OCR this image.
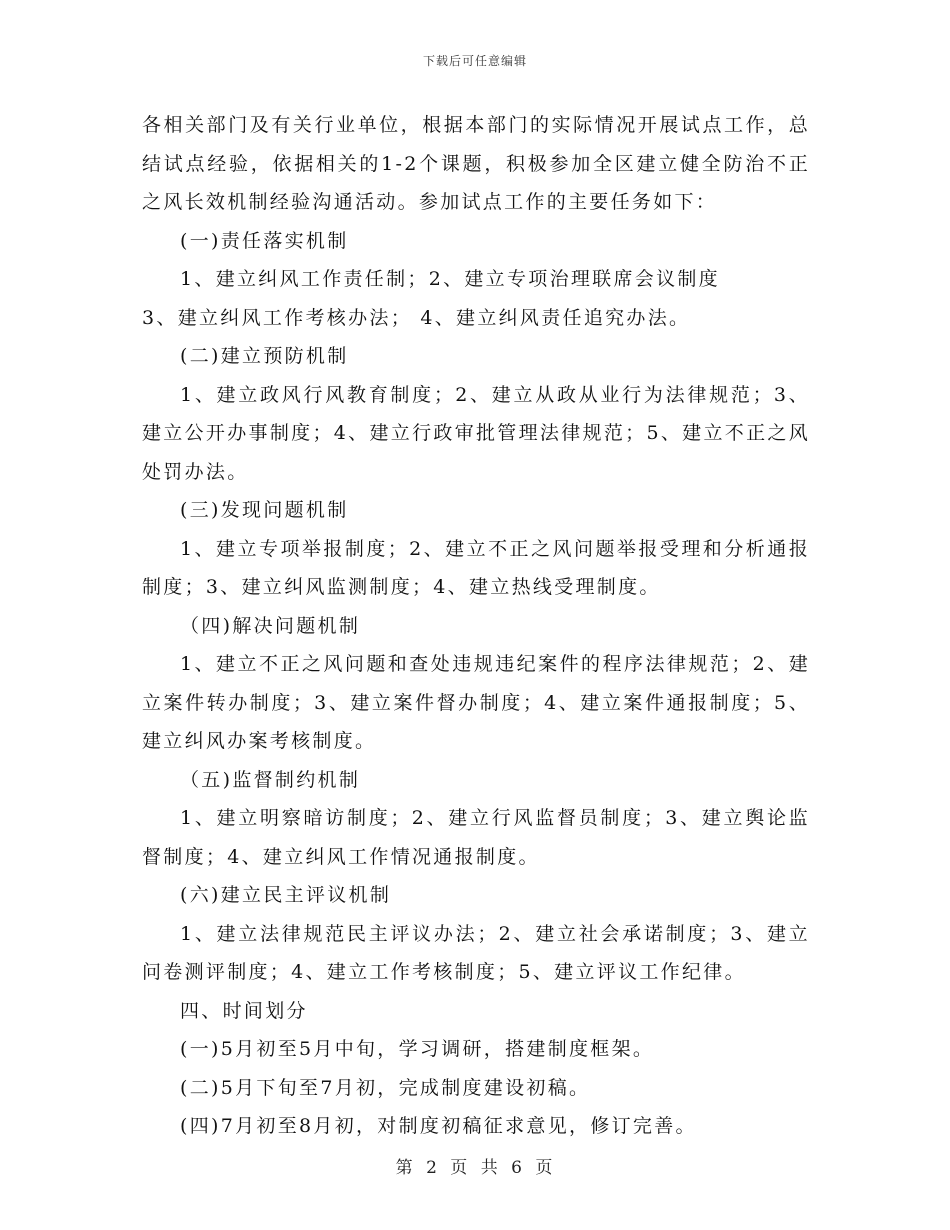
下载后可任意编辑

各相关部门及有关行业单位，根据本部门的实际情况开展试点工作，总结试点经验，依据相关的1-2个课题，积极参加全区建立健全防治不正之风长效机制经验沟通活动。参加试点工作的主要任务如下：

(一)责任落实机制

1、建立纠风工作责任制；2、建立专项治理联席会议制度

3、建立纠风工作考核办法； 4、建立纠风责任追究办法。

(二)建立预防机制

1、建立政风行风教育制度；2、建立从政从业行为法律规范；3、建立公开办事制度；4、建立行政审批管理法律规范；5、建立不正之风处罚办法。

(三)发现问题机制

1、建立专项举报制度；2、建立不正之风问题举报受理和分析通报制度；3、建立纠风监测制度；4、建立热线受理制度。

（四)解决问题机制

1、建立不正之风问题和查处违规违纪案件的程序法律规范；2、建立案件转办制度；3、建立案件督办制度；4、建立案件通报制度；5、建立纠风办案考核制度。

（五)监督制约机制

1、建立明察暗访制度；2、建立行风监督员制度；3、建立舆论监督制度；4、建立纠风工作情况通报制度。

(六)建立民主评议机制

1、建立法律规范民主评议办法；2、建立社会承诺制度；3、建立问卷测评制度；4、建立工作考核制度；5、建立评议工作纪律。

四、时间划分

(一)5月初至5月中旬，学习调研，搭建制度框架。

(二)5月下旬至7月初，完成制度建设初稿。

(四)7月初至8月初，对制度初稿征求意见，修订完善。

第 2 页 共 6 页
